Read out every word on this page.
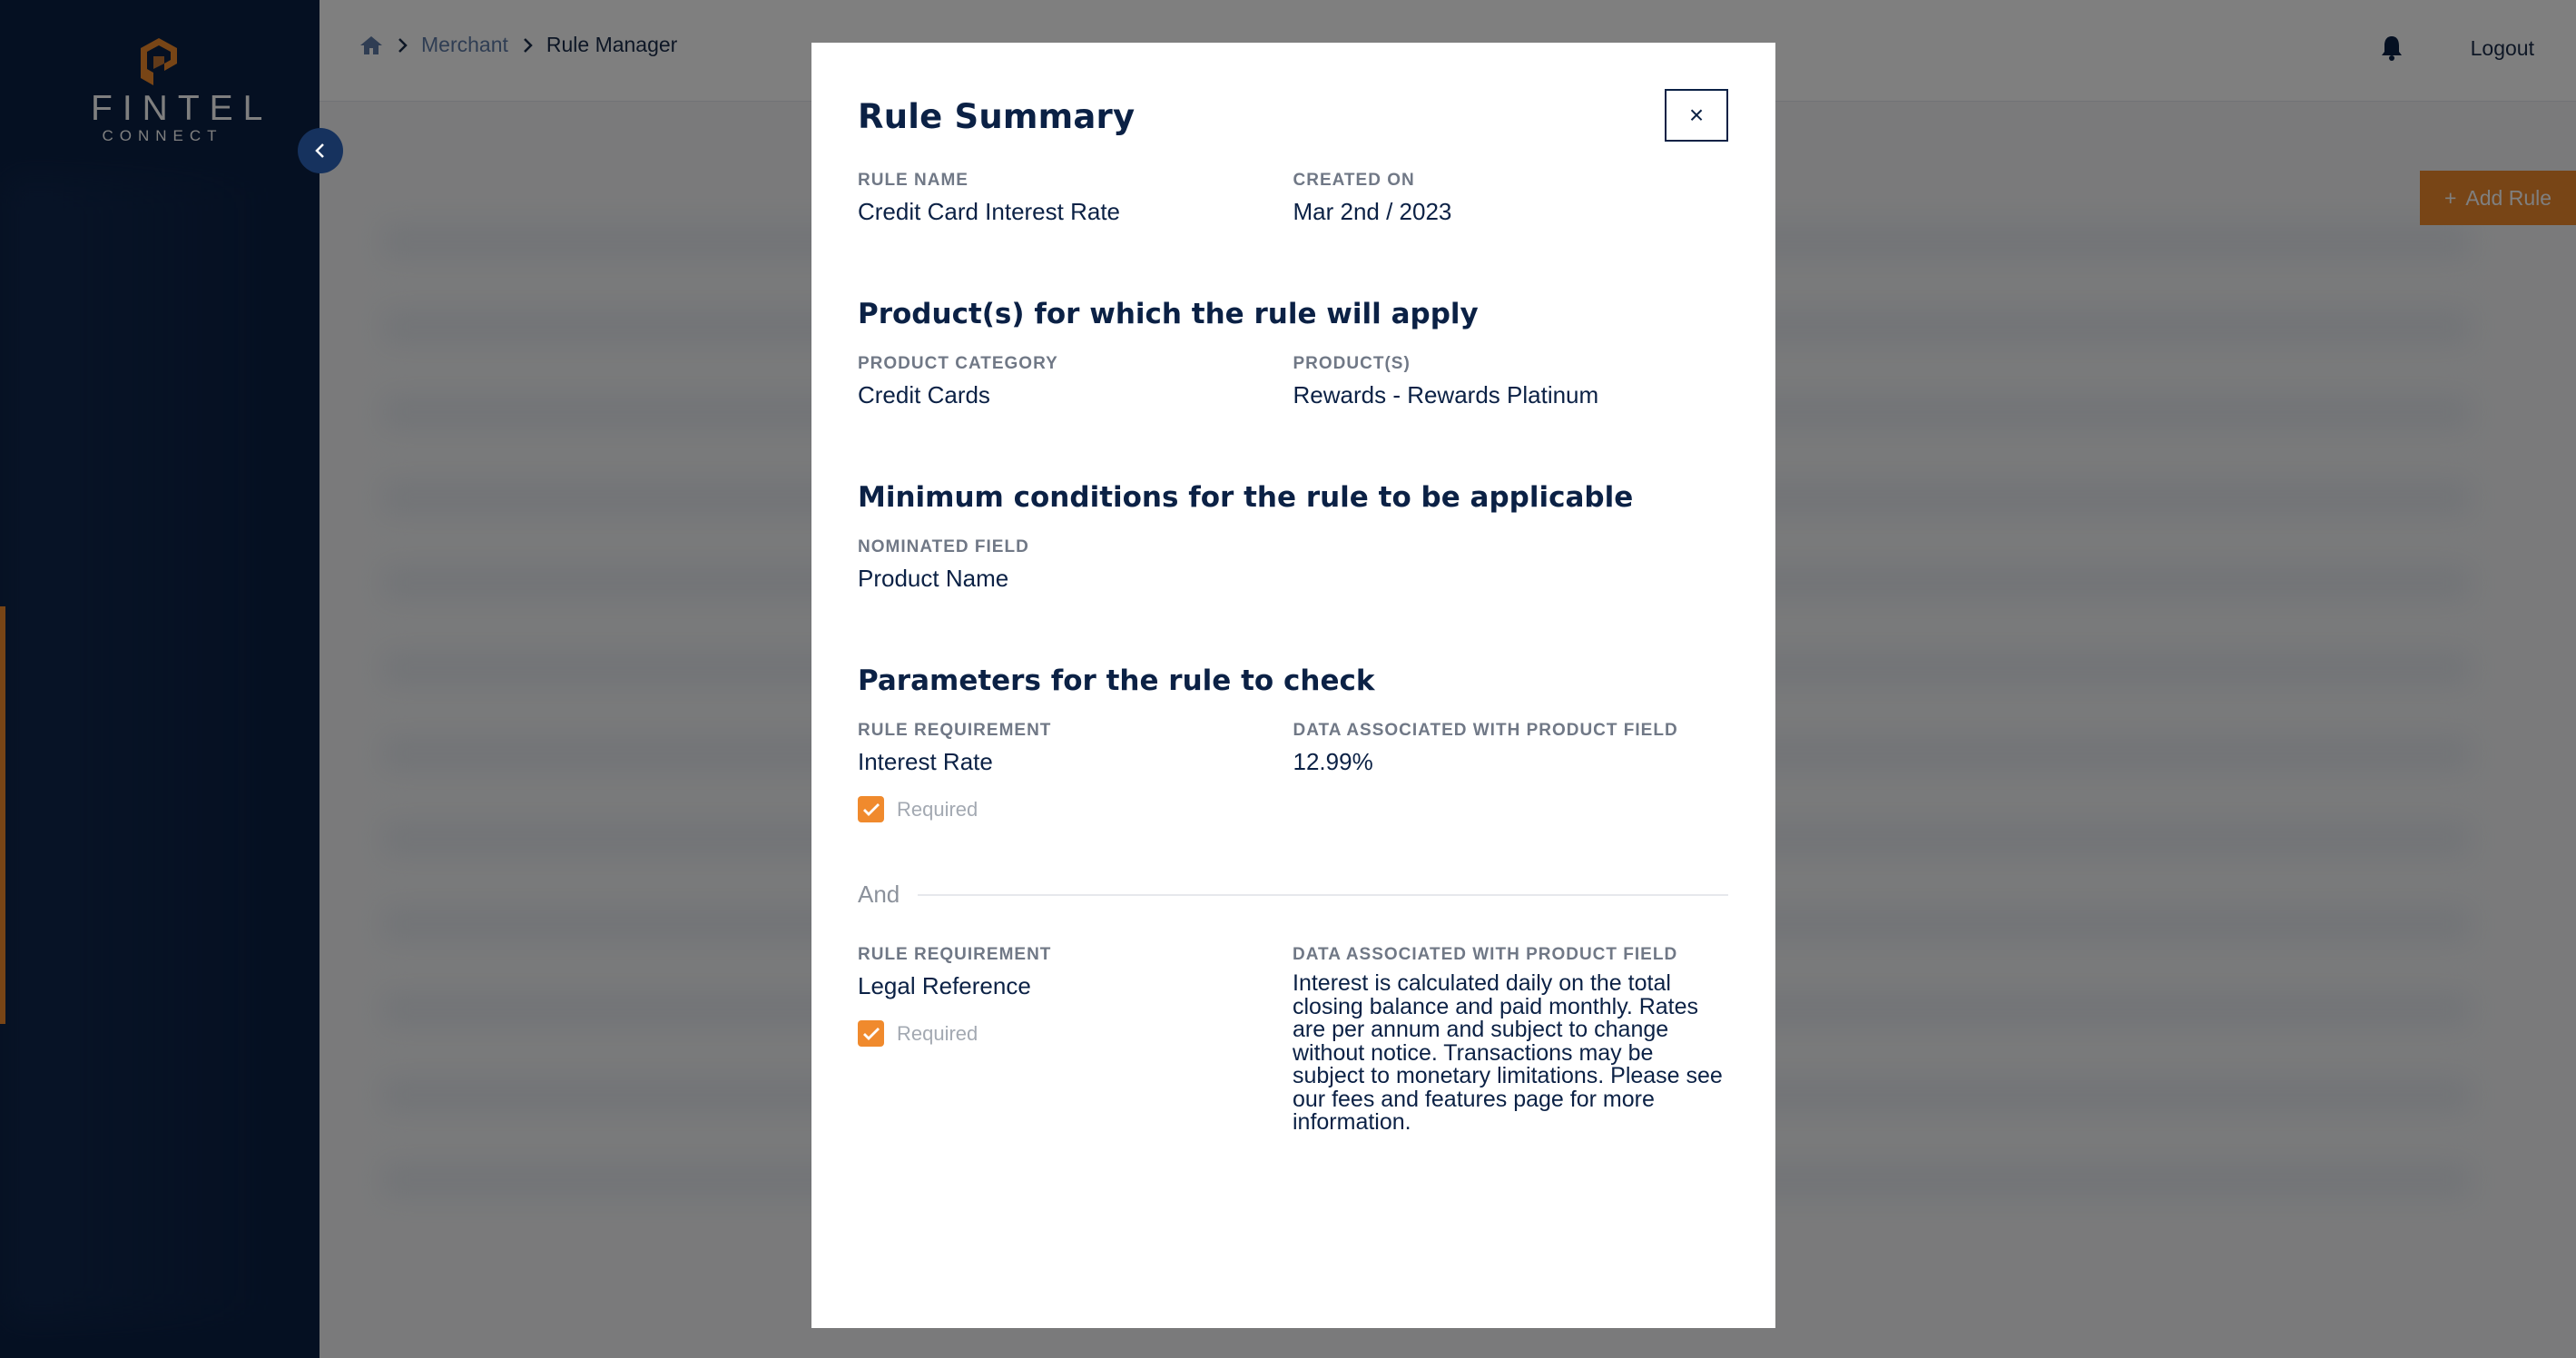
Rule Summary	×
RULE NAME
Credit Card Interest Rate
CREATED ON
Mar 2nd / 2023
Product(s) for which the rule will apply
PRODUCT CATEGORY
Credit Cards
PRODUCT(S)
Rewards - Rewards Platinum
Minimum conditions for the rule to be applicable
NOMINATED FIELD
Product Name
Parameters for the rule to check
RULE REQUIREMENT
Interest Rate
Required
DATA ASSOCIATED WITH PRODUCT FIELD
12.99%
And
RULE REQUIREMENT
Legal Reference
Required
DATA ASSOCIATED WITH PRODUCT FIELD
Interest is calculated daily on the total closing balance and paid monthly. Rates are per annum and subject to change without notice. Transactions may be subject to monetary limitations. Please see our fees and features page for more information.
